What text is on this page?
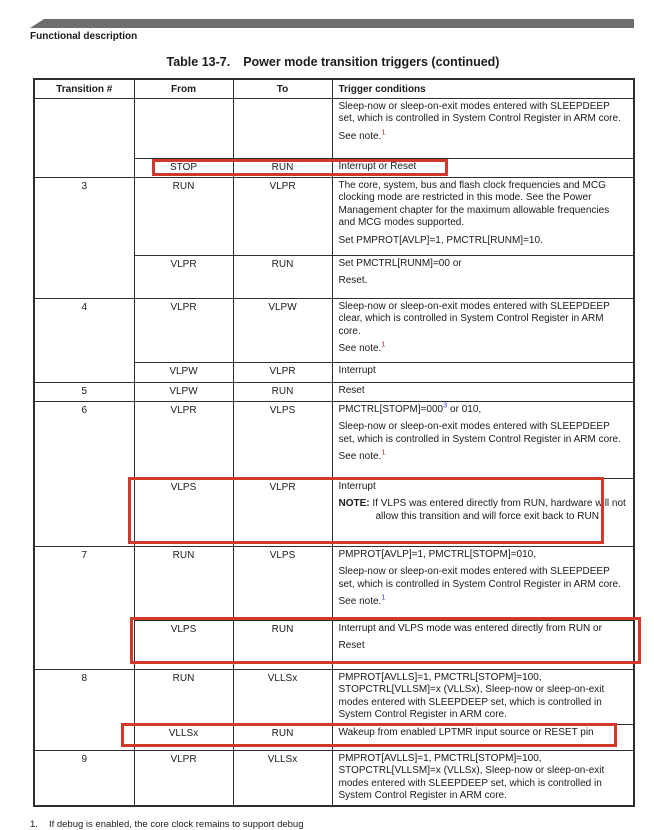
Functional description
Table 13-7. Power mode transition triggers (continued)
Transition #	From	To	Trigger conditions

			Sleep-now or sleep-on-exit modes entered with SLEEPDEEP set, which is controlled in System Control Register in ARM core.

See note.$^1$

	STOP	RUN	Interrupt or Reset

3	RUN	VLPR	The core, system, bus and flash clock frequencies and MCG clocking mode are restricted in this mode. See the Power Management chapter for the maximum allowable frequencies and MCG modes supported.

Set PMPROT[AVLP]=1, PMCTRL[RUNM]=10.

	VLPR	RUN	Set PMCTRL[RUNM]=00 or

Reset.

4	VLPR	VLPW	Sleep-now or sleep-on-exit modes entered with SLEEPDEEP clear, which is controlled in System Control Register in ARM core.

See note.$^1$

	VLPW	VLPR	Interrupt

5	VLPW	RUN	Reset

6	VLPR	VLPS	$PMCTRL[STOPM]=000^3$ or 010,

Sleep-now or sleep-on-exit modes entered with SLEEPDEEP set, which is controlled in System Control Register in ARM core.

See note.$^1$

	VLPS	VLPR	Interrupt

NOTE: If VLPS was entered directly from RUN, hardware will not allow this transition and will force exit back to RUN

7	RUN	VLPS	PMPROT[AVLP]=1, PMCTRL[STOPM]=010,

Sleep-now or sleep-on-exit modes entered with SLEEPDEEP set, which is controlled in System Control Register in ARM core.

See note.$^1$

	VLPS	RUN	Interrupt and VLPS mode was entered directly from RUN or

Reset

8	RUN	VLLSx	PMPROT[AVLLS]=1, PMCTRL[STOPM]=100, STOPCTRL[VLLSM]=x (VLLSx), Sleep-now or sleep-on-exit modes entered with SLEEPDEEP set, which is controlled in System Control Register in ARM core.

	VLLSx	RUN	Wakeup from enabled LPTMR input source or RESET pin

9	VLPR	VLLSx	PMPROT[AVLLS]=1, PMCTRL[STOPM]=100, STOPCTRL[VLLSM]=x (VLLSx), Sleep-now or sleep-on-exit modes entered with SLEEPDEEP set, which is controlled in System Control Register in ARM core.

1. If debug is enabled, the core clock remains to support debug
